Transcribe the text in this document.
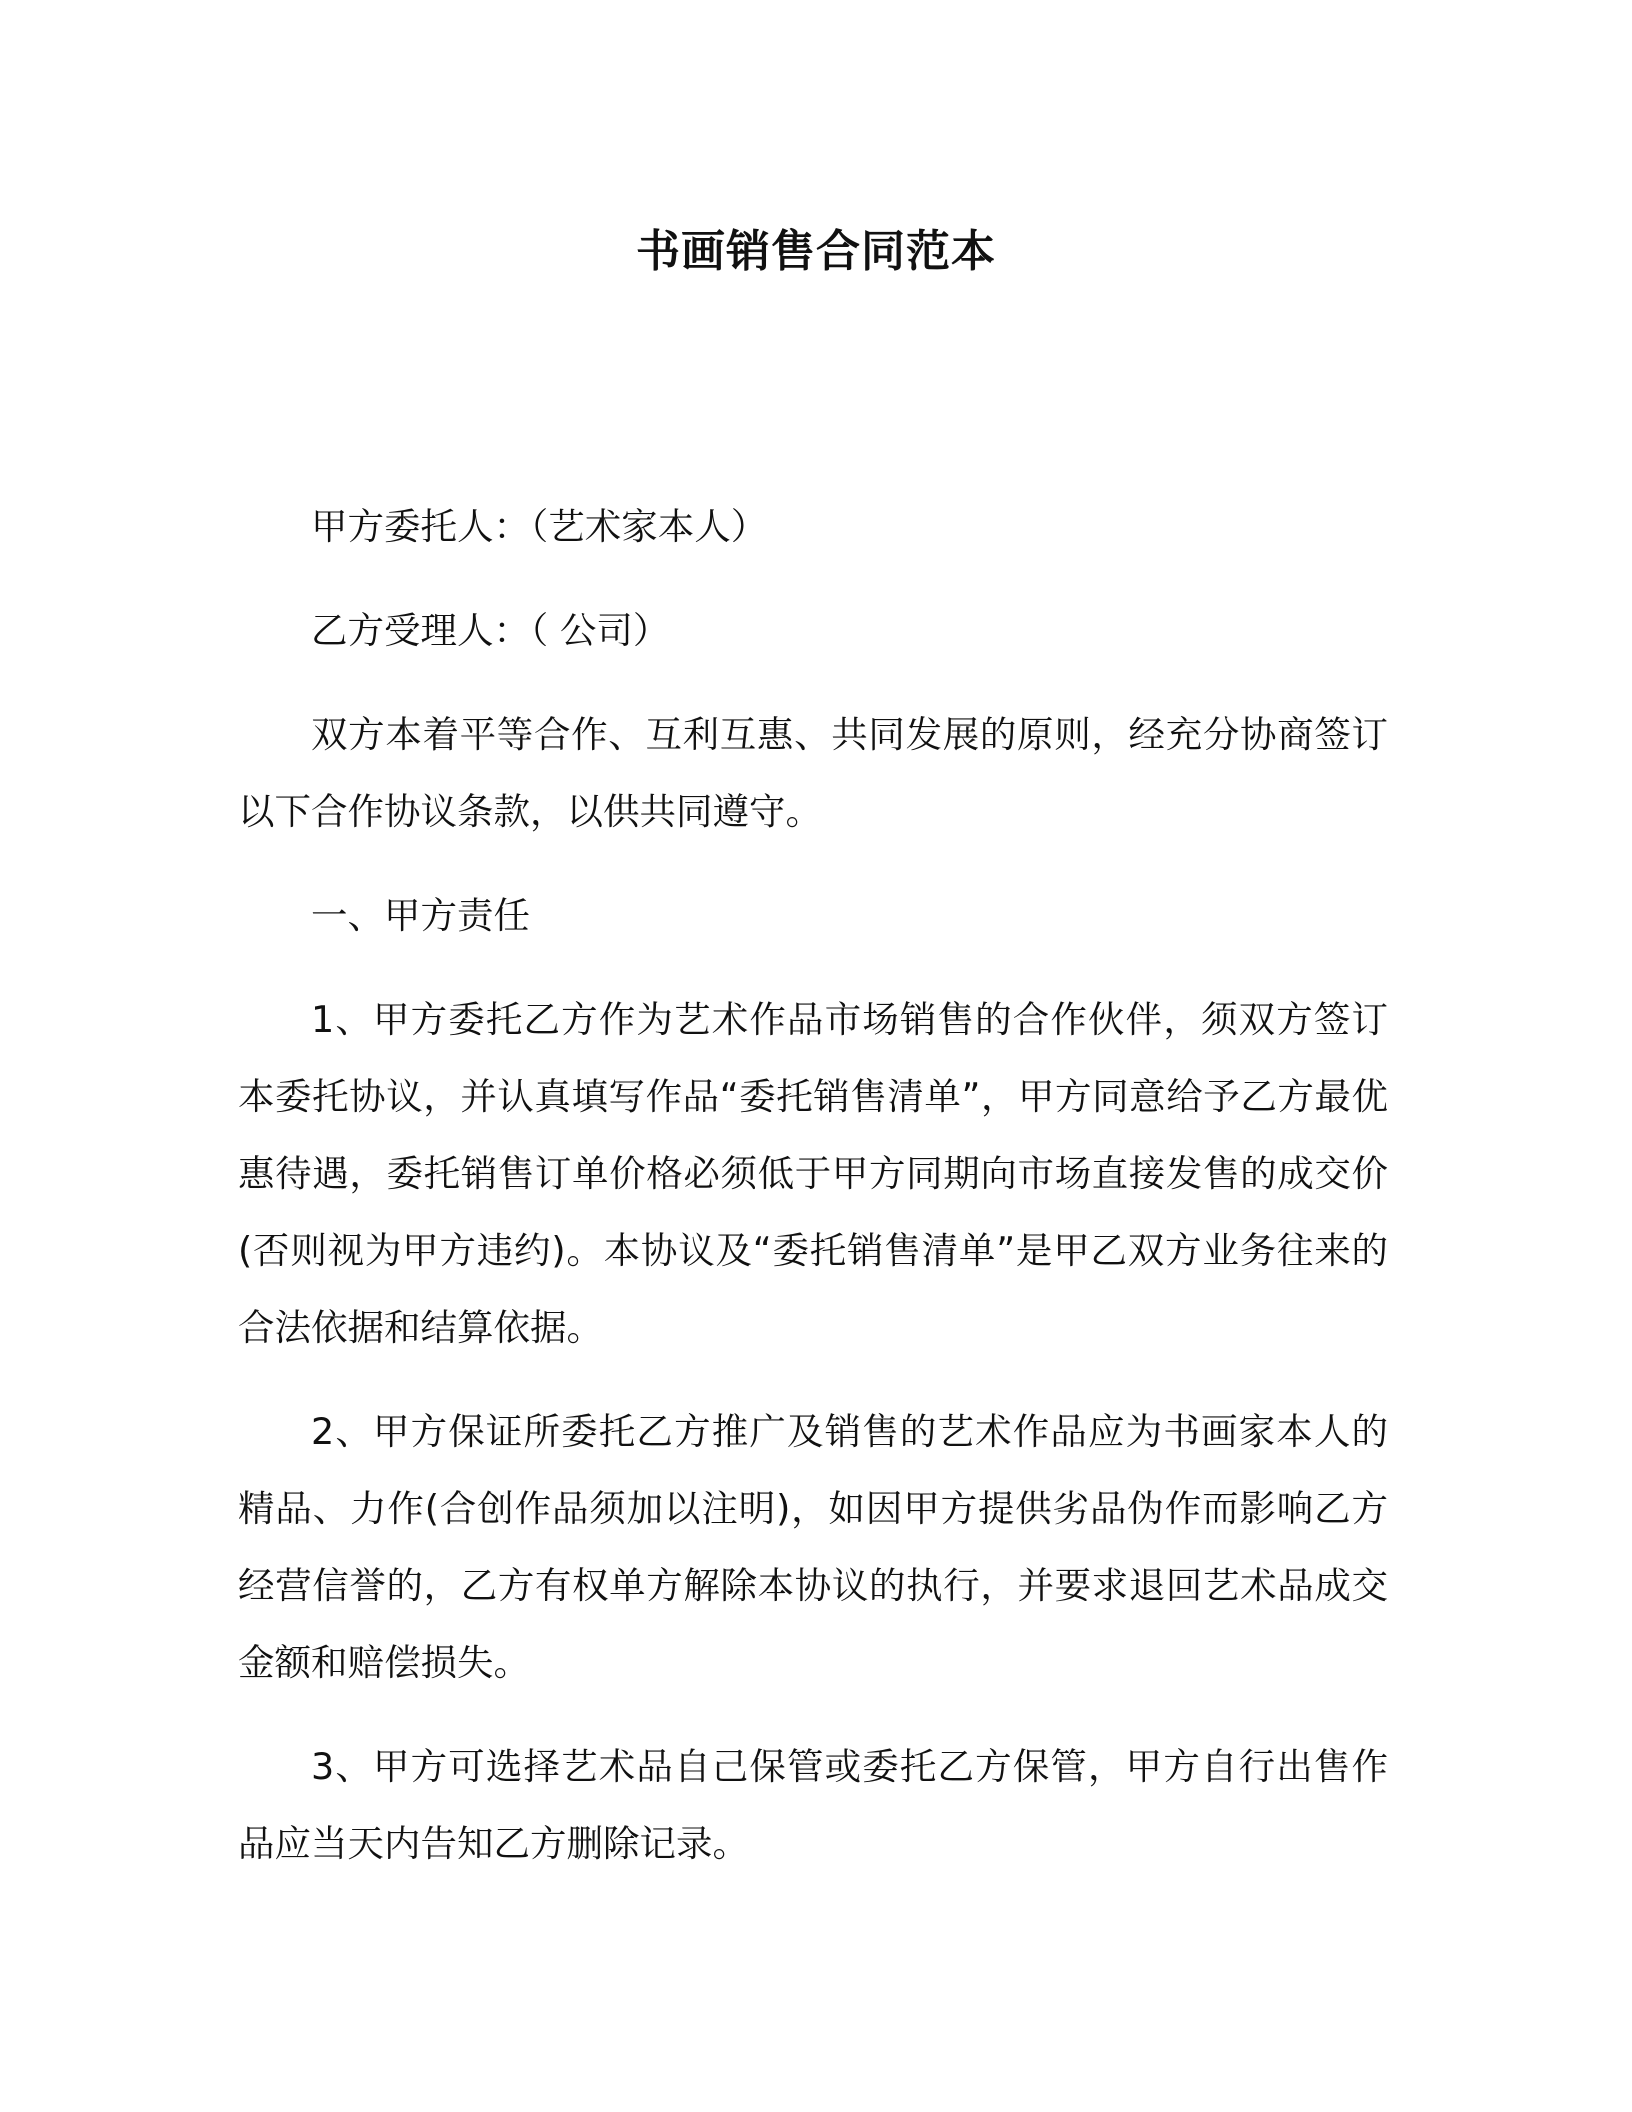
书画销售合同范本

甲方委托人：（艺术家本人）

乙方受理人：（ 公司）

双方本着平等合作、互利互惠、共同发展的原则，经充分协商签订以下合作协议条款，以供共同遵守。

一、甲方责任

1、甲方委托乙方作为艺术作品市场销售的合作伙伴，须双方签订本委托协议，并认真填写作品“委托销售清单”，甲方同意给予乙方最优惠待遇，委托销售订单价格必须低于甲方同期向市场直接发售的成交价(否则视为甲方违约)。本协议及“委托销售清单”是甲乙双方业务往来的合法依据和结算依据。

2、甲方保证所委托乙方推广及销售的艺术作品应为书画家本人的精品、力作(合创作品须加以注明)，如因甲方提供劣品伪作而影响乙方经营信誉的，乙方有权单方解除本协议的执行，并要求退回艺术品成交金额和赔偿损失。

3、甲方可选择艺术品自己保管或委托乙方保管，甲方自行出售作品应当天内告知乙方删除记录。
